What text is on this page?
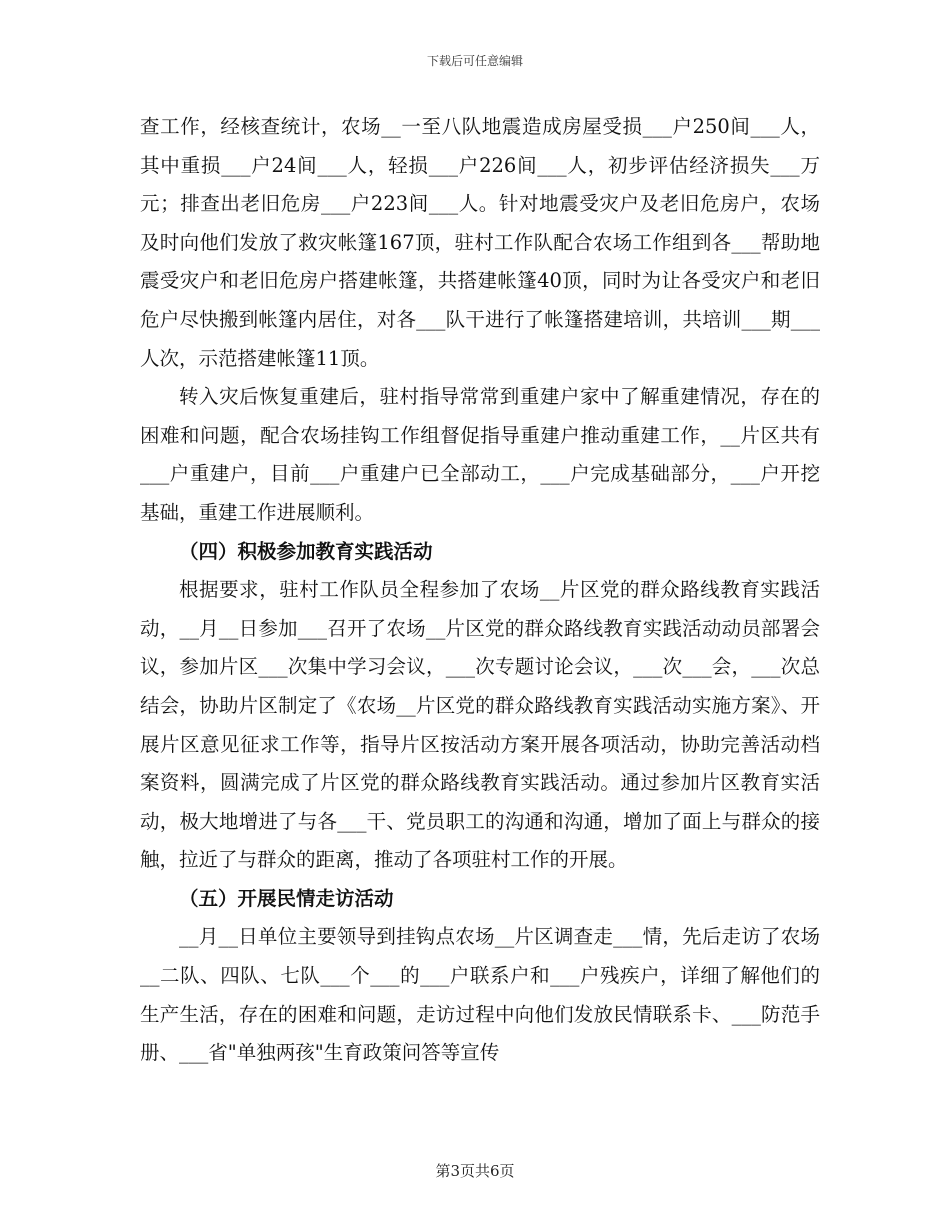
下载后可任意编辑

查工作，经核查统计，农场__一至八队地震造成房屋受损___户250间___人，其中重损___户24间___人，轻损___户226间___人，初步评估经济损失___万元；排查出老旧危房___户223间___人。针对地震受灾户及老旧危房户，农场及时向他们发放了救灾帐篷167顶，驻村工作队配合农场工作组到各___帮助地震受灾户和老旧危房户搭建帐篷，共搭建帐篷40顶，同时为让各受灾户和老旧危户尽快搬到帐篷内居住，对各___队干进行了帐篷搭建培训，共培训___期___人次，示范搭建帐篷11顶。

转入灾后恢复重建后，驻村指导常常到重建户家中了解重建情况，存在的困难和问题，配合农场挂钩工作组督促指导重建户推动重建工作，__片区共有___户重建户，目前___户重建户已全部动工，___户完成基础部分，___户开挖基础，重建工作进展顺利。

（四）积极参加教育实践活动

根据要求，驻村工作队员全程参加了农场__片区党的群众路线教育实践活动，__月__日参加___召开了农场__片区党的群众路线教育实践活动动员部署会议，参加片区___次集中学习会议，___次专题讨论会议，___次___会，___次总结会，协助片区制定了《农场__片区党的群众路线教育实践活动实施方案》、开展片区意见征求工作等，指导片区按活动方案开展各项活动，协助完善活动档案资料，圆满完成了片区党的群众路线教育实践活动。通过参加片区教育实活动，极大地增进了与各___干、党员职工的沟通和沟通，增加了面上与群众的接触，拉近了与群众的距离，推动了各项驻村工作的开展。

（五）开展民情走访活动

__月__日单位主要领导到挂钩点农场__片区调查走___情，先后走访了农场__二队、四队、七队___个___的___户联系户和___户残疾户，详细了解他们的生产生活，存在的困难和问题，走访过程中向他们发放民情联系卡、___防范手册、___省"单独两孩"生育政策问答等宣传

第3页共6页
